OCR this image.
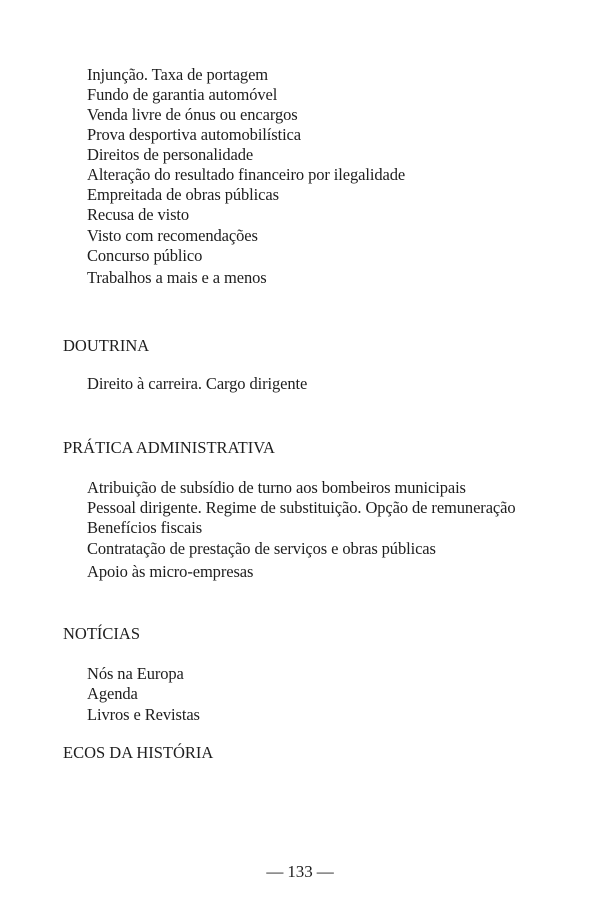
Injunção. Taxa de portagem
Fundo de garantia automóvel
Venda livre de ónus ou encargos
Prova desportiva automobilística
Direitos de personalidade
Alteração do resultado financeiro por ilegalidade
Empreitada de obras públicas
Recusa de visto
Visto com recomendações
Concurso público
Trabalhos a mais e a menos
DOUTRINA
Direito à carreira. Cargo dirigente
PRÁTICA ADMINISTRATIVA
Atribuição de subsídio de turno aos bombeiros municipais
Pessoal dirigente. Regime de substituição. Opção de remuneração
Benefícios fiscais
Contratação de prestação de serviços e obras públicas
Apoio às micro-empresas
NOTÍCIAS
Nós na Europa
Agenda
Livros e Revistas
ECOS DA HISTÓRIA
— 133 —
